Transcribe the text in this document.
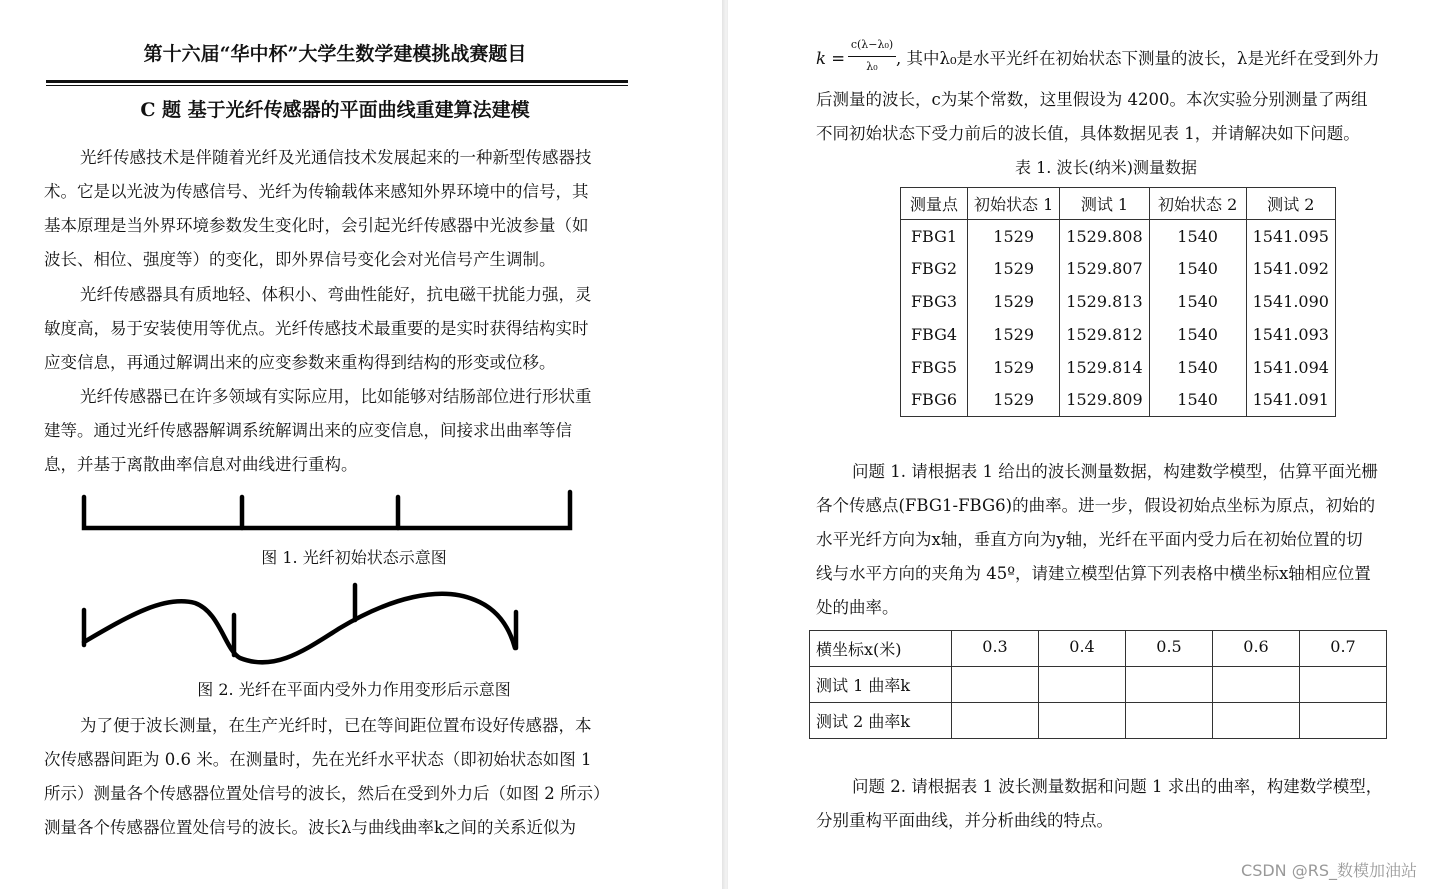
第十六届“华中杯”大学生数学建模挑战赛题目
C 题 基于光纤传感器的平面曲线重建算法建模
光纤传感技术是伴随着光纤及光通信技术发展起来的一种新型传感器技
术。它是以光波为传感信号、光纤为传输载体来感知外界环境中的信号，其
基本原理是当外界环境参数发生变化时，会引起光纤传感器中光波参量（如
波长、相位、强度等）的变化，即外界信号变化会对光信号产生调制。
光纤传感器具有质地轻、体积小、弯曲性能好，抗电磁干扰能力强，灵
敏度高，易于安装使用等优点。光纤传感技术最重要的是实时获得结构实时
应变信息，再通过解调出来的应变参数来重构得到结构的形变或位移。
光纤传感器已在许多领域有实际应用，比如能够对结肠部位进行形状重
建等。通过光纤传感器解调系统解调出来的应变信息，间接求出曲率等信
息，并基于离散曲率信息对曲线进行重构。
图 1. 光纤初始状态示意图
图 2. 光纤在平面内受外力作用变形后示意图
为了便于波长测量，在生产光纤时，已在等间距位置布设好传感器，本
次传感器间距为 0.6 米。在测量时，先在光纤水平状态（即初始状态如图 1
所示）测量各个传感器位置处信号的波长，然后在受到外力后（如图 2 所示）
测量各个传感器位置处信号的波长。波长λ与曲线曲率k之间的关系近似为
k =
c(λ−λ₀)
λ₀	, 其中λ₀是水平光纤在初始状态下测量的波长，λ是光纤在受到外力
后测量的波长，c为某个常数，这里假设为 4200。本次实验分别测量了两组
不同初始状态下受力前后的波长值，具体数据见表 1，并请解决如下问题。
表 1. 波长(纳米)测量数据
测量点	初始状态 1	测试 1	初始状态 2	测试 2
FBG1	1529	1529.808	1540	1541.095
FBG2	1529	1529.807	1540	1541.092
FBG3	1529	1529.813	1540	1541.090
FBG4	1529	1529.812	1540	1541.093
FBG5	1529	1529.814	1540	1541.094
FBG6	1529	1529.809	1540	1541.091
问题 1. 请根据表 1 给出的波长测量数据，构建数学模型，估算平面光栅
各个传感点(FBG1-FBG6)的曲率。进一步，假设初始点坐标为原点，初始的
水平光纤方向为x轴，垂直方向为y轴，光纤在平面内受力后在初始位置的切
线与水平方向的夹角为 45º，请建立模型估算下列表格中横坐标x轴相应位置
处的曲率。
横坐标x(米)	0.3	0.4	0.5	0.6	0.7
测试 1 曲率k					
测试 2 曲率k					
问题 2. 请根据表 1 波长测量数据和问题 1 求出的曲率，构建数学模型，
分别重构平面曲线，并分析曲线的特点。
CSDN @RS_数模加油站
